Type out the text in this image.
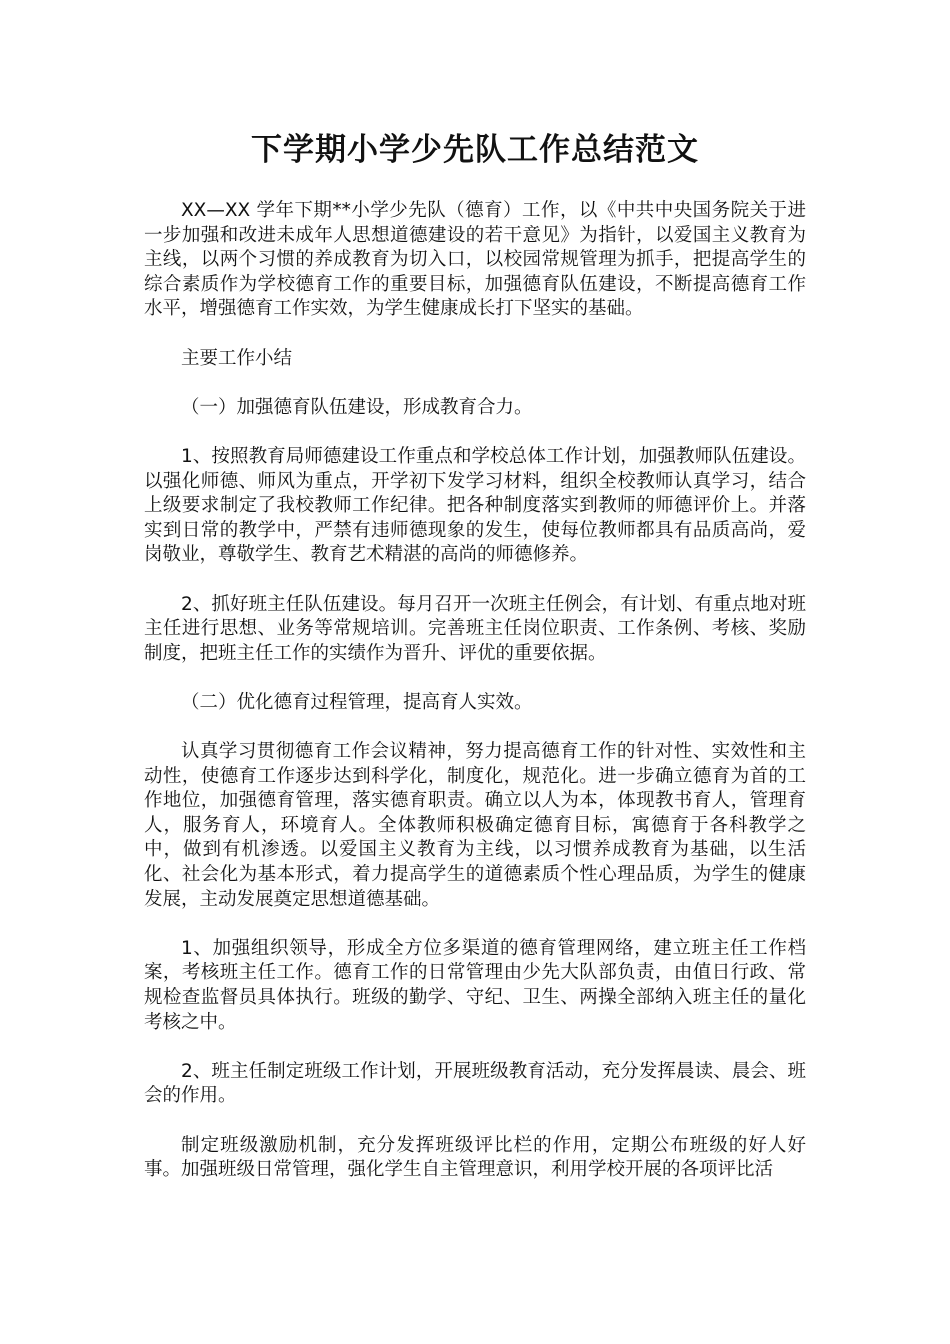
下学期小学少先队工作总结范文

XX—XX 学年下期**小学少先队（德育）工作，以《中共中央国务院关于进一步加强和改进未成年人思想道德建设的若干意见》为指针，以爱国主义教育为主线，以两个习惯的养成教育为切入口，以校园常规管理为抓手，把提高学生的综合素质作为学校德育工作的重要目标，加强德育队伍建设，不断提高德育工作水平，增强德育工作实效，为学生健康成长打下坚实的基础。

主要工作小结

（一）加强德育队伍建设，形成教育合力。

1、按照教育局师德建设工作重点和学校总体工作计划，加强教师队伍建设。以强化师德、师风为重点，开学初下发学习材料，组织全校教师认真学习，结合上级要求制定了我校教师工作纪律。把各种制度落实到教师的师德评价上。并落实到日常的教学中，严禁有违师德现象的发生，使每位教师都具有品质高尚，爱岗敬业，尊敬学生、教育艺术精湛的高尚的师德修养。

2、抓好班主任队伍建设。每月召开一次班主任例会，有计划、有重点地对班主任进行思想、业务等常规培训。完善班主任岗位职责、工作条例、考核、奖励制度，把班主任工作的实绩作为晋升、评优的重要依据。

（二）优化德育过程管理，提高育人实效。

认真学习贯彻德育工作会议精神，努力提高德育工作的针对性、实效性和主动性，使德育工作逐步达到科学化，制度化，规范化。进一步确立德育为首的工作地位，加强德育管理，落实德育职责。确立以人为本，体现教书育人，管理育人，服务育人，环境育人。全体教师积极确定德育目标，寓德育于各科教学之中，做到有机渗透。以爱国主义教育为主线，以习惯养成教育为基础，以生活化、社会化为基本形式，着力提高学生的道德素质个性心理品质，为学生的健康发展，主动发展奠定思想道德基础。

1、加强组织领导，形成全方位多渠道的德育管理网络，建立班主任工作档案，考核班主任工作。德育工作的日常管理由少先大队部负责，由值日行政、常规检查监督员具体执行。班级的勤学、守纪、卫生、两操全部纳入班主任的量化考核之中。

2、班主任制定班级工作计划，开展班级教育活动，充分发挥晨读、晨会、班会的作用。

制定班级激励机制，充分发挥班级评比栏的作用，定期公布班级的好人好事。加强班级日常管理，强化学生自主管理意识，利用学校开展的各项评比活
